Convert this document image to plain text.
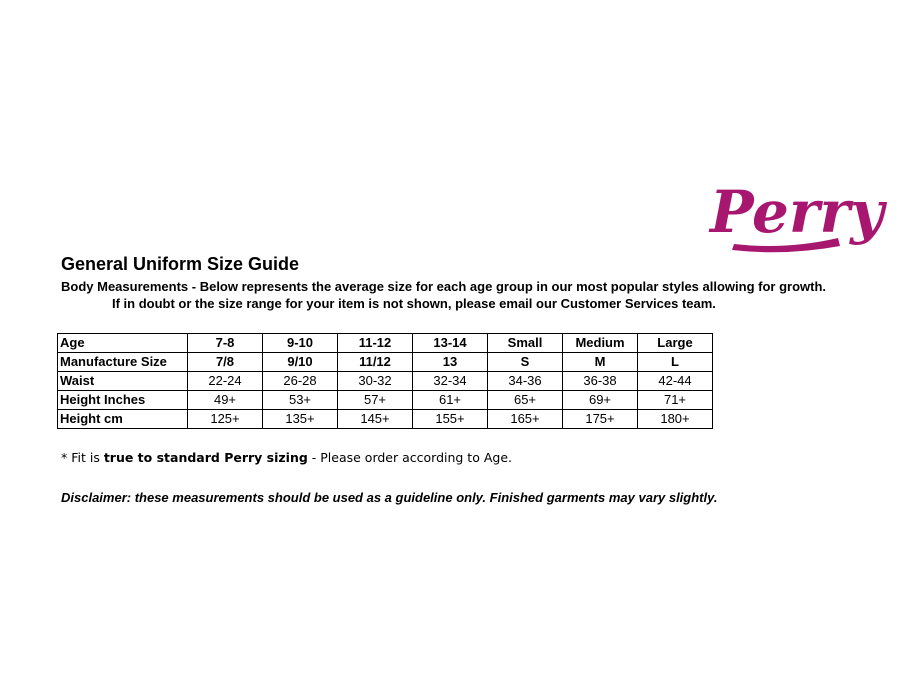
Perry
General Uniform Size Guide
Body Measurements - Below represents the average size for each age group in our most popular styles allowing for growth.
If in doubt or the size range for your item is not shown, please email our Customer Services team.
Age	7-8	9-10	11-12	13-14	Small	Medium	Large
Manufacture Size	7/8	9/10	11/12	13	S	M	L
Waist	22-24	26-28	30-32	32-34	34-36	36-38	42-44
Height Inches	49+	53+	57+	61+	65+	69+	71+
Height cm	125+	135+	145+	155+	165+	175+	180+
* Fit is true to standard Perry sizing - Please order according to Age.
Disclaimer: these measurements should be used as a guideline only. Finished garments may vary slightly.
